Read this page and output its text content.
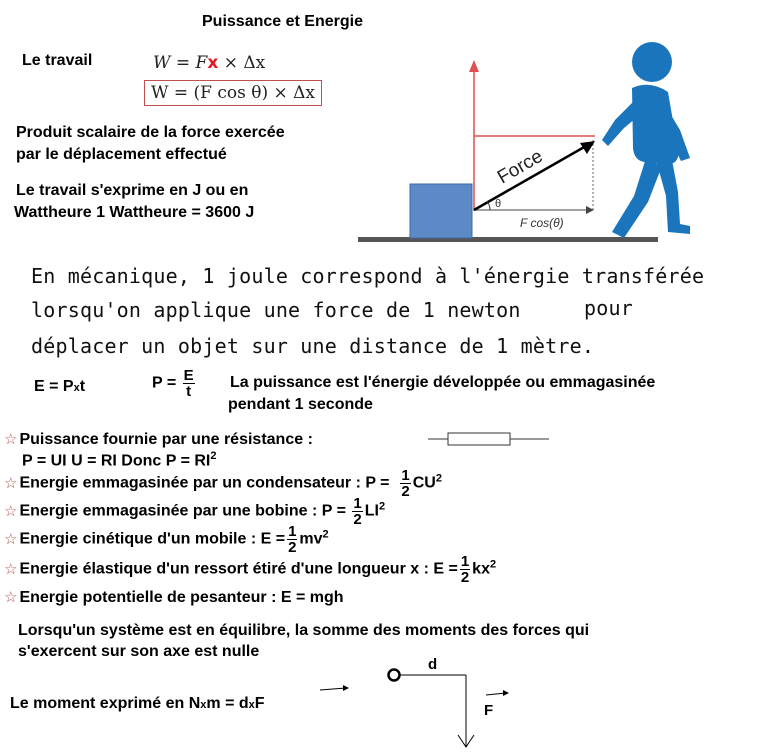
Puissance et Energie
Le travail	W = Fx × Δx
W = (F cos θ) × Δx
Produit scalaire de la force exercée
par le déplacement effectué
Le travail s'exprime en J ou en
Wattheure 1 Wattheure = 3600 J	θ
Force
F cos(θ)
En mécanique, 1 joule correspond à l'énergie transférée
lorsqu'on applique une force de 1 newton	pour
déplacer un objet sur une distance de 1 mètre.
E = Pxt	$P = \frac{E}{t}$ La puissance est l'énergie développée ou emmagasinée
pendant 1 seconde
☆ Puissance fournie par une résistance :
P = UI U = RI Donc $P = RI^2$
☆ Energie emmagasinée par un condensateur : $P = \frac{1}{2} CU^2$
☆ Energie emmagasinée par une bobine : $P = \frac{1}{2} LI^2$
☆ Energie cinétique d'un mobile : $E = \frac{1}{2} mv^2$
☆ Energie élastique d'un ressort étiré d'une longueur x : $E = \frac{1}{2} kx^2$
☆ Energie potentielle de pesanteur : E = mgh
Lorsqu'un système est en équilibre, la somme des moments des forces qui
s'exercent sur son axe est nulle
Le moment exprimé en Nxm = dxF
d
F
